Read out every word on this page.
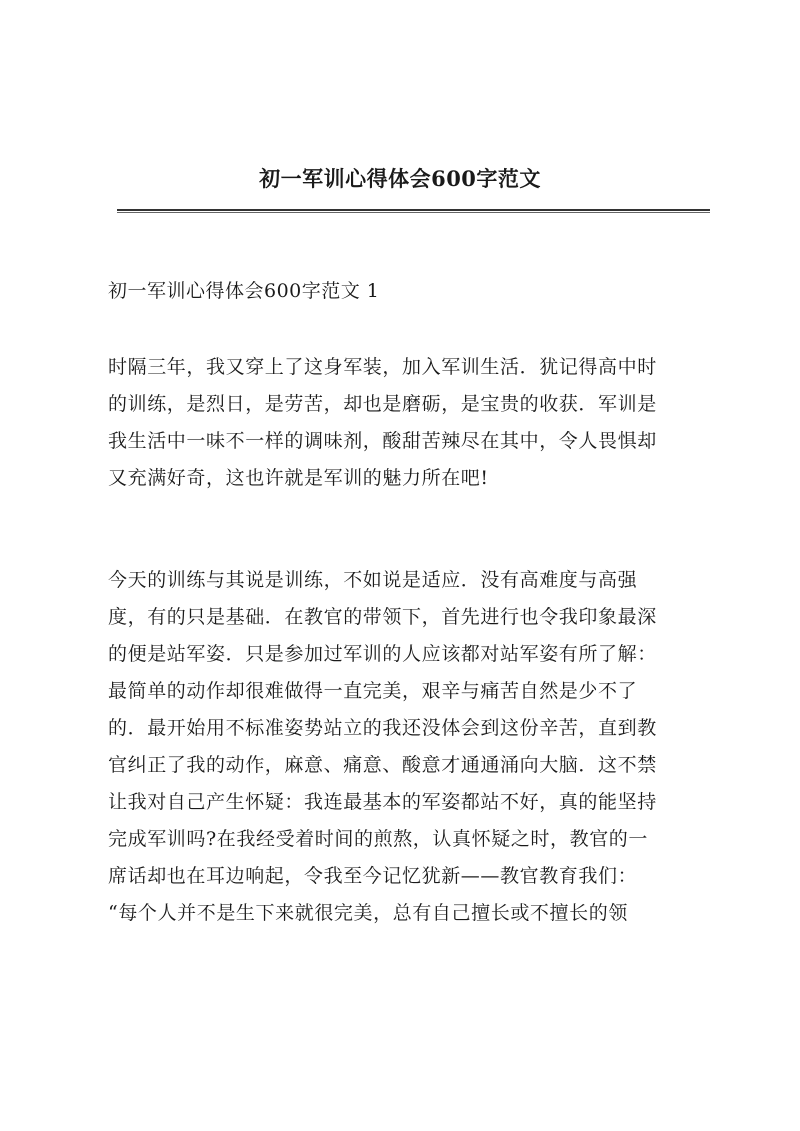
初一军训心得体会600字范文
初一军训心得体会600字范文 1

时隔三年，我又穿上了这身军装，加入军训生活．犹记得高中时
的训练，是烈日，是劳苦，却也是磨砺，是宝贵的收获．军训是
我生活中一味不一样的调味剂，酸甜苦辣尽在其中，令人畏惧却
又充满好奇，这也许就是军训的魅力所在吧!

今天的训练与其说是训练，不如说是适应．没有高难度与高强
度，有的只是基础．在教官的带领下，首先进行也令我印象最深
的便是站军姿．只是参加过军训的人应该都对站军姿有所了解：
最简单的动作却很难做得一直完美，艰辛与痛苦自然是少不了
的．最开始用不标准姿势站立的我还没体会到这份辛苦，直到教
官纠正了我的动作，麻意、痛意、酸意才通通涌向大脑．这不禁
让我对自己产生怀疑：我连最基本的军姿都站不好，真的能坚持
完成军训吗?在我经受着时间的煎熬，认真怀疑之时，教官的一
席话却也在耳边响起，令我至今记忆犹新——教官教育我们：
“每个人并不是生下来就很完美，总有自己擅长或不擅长的领
